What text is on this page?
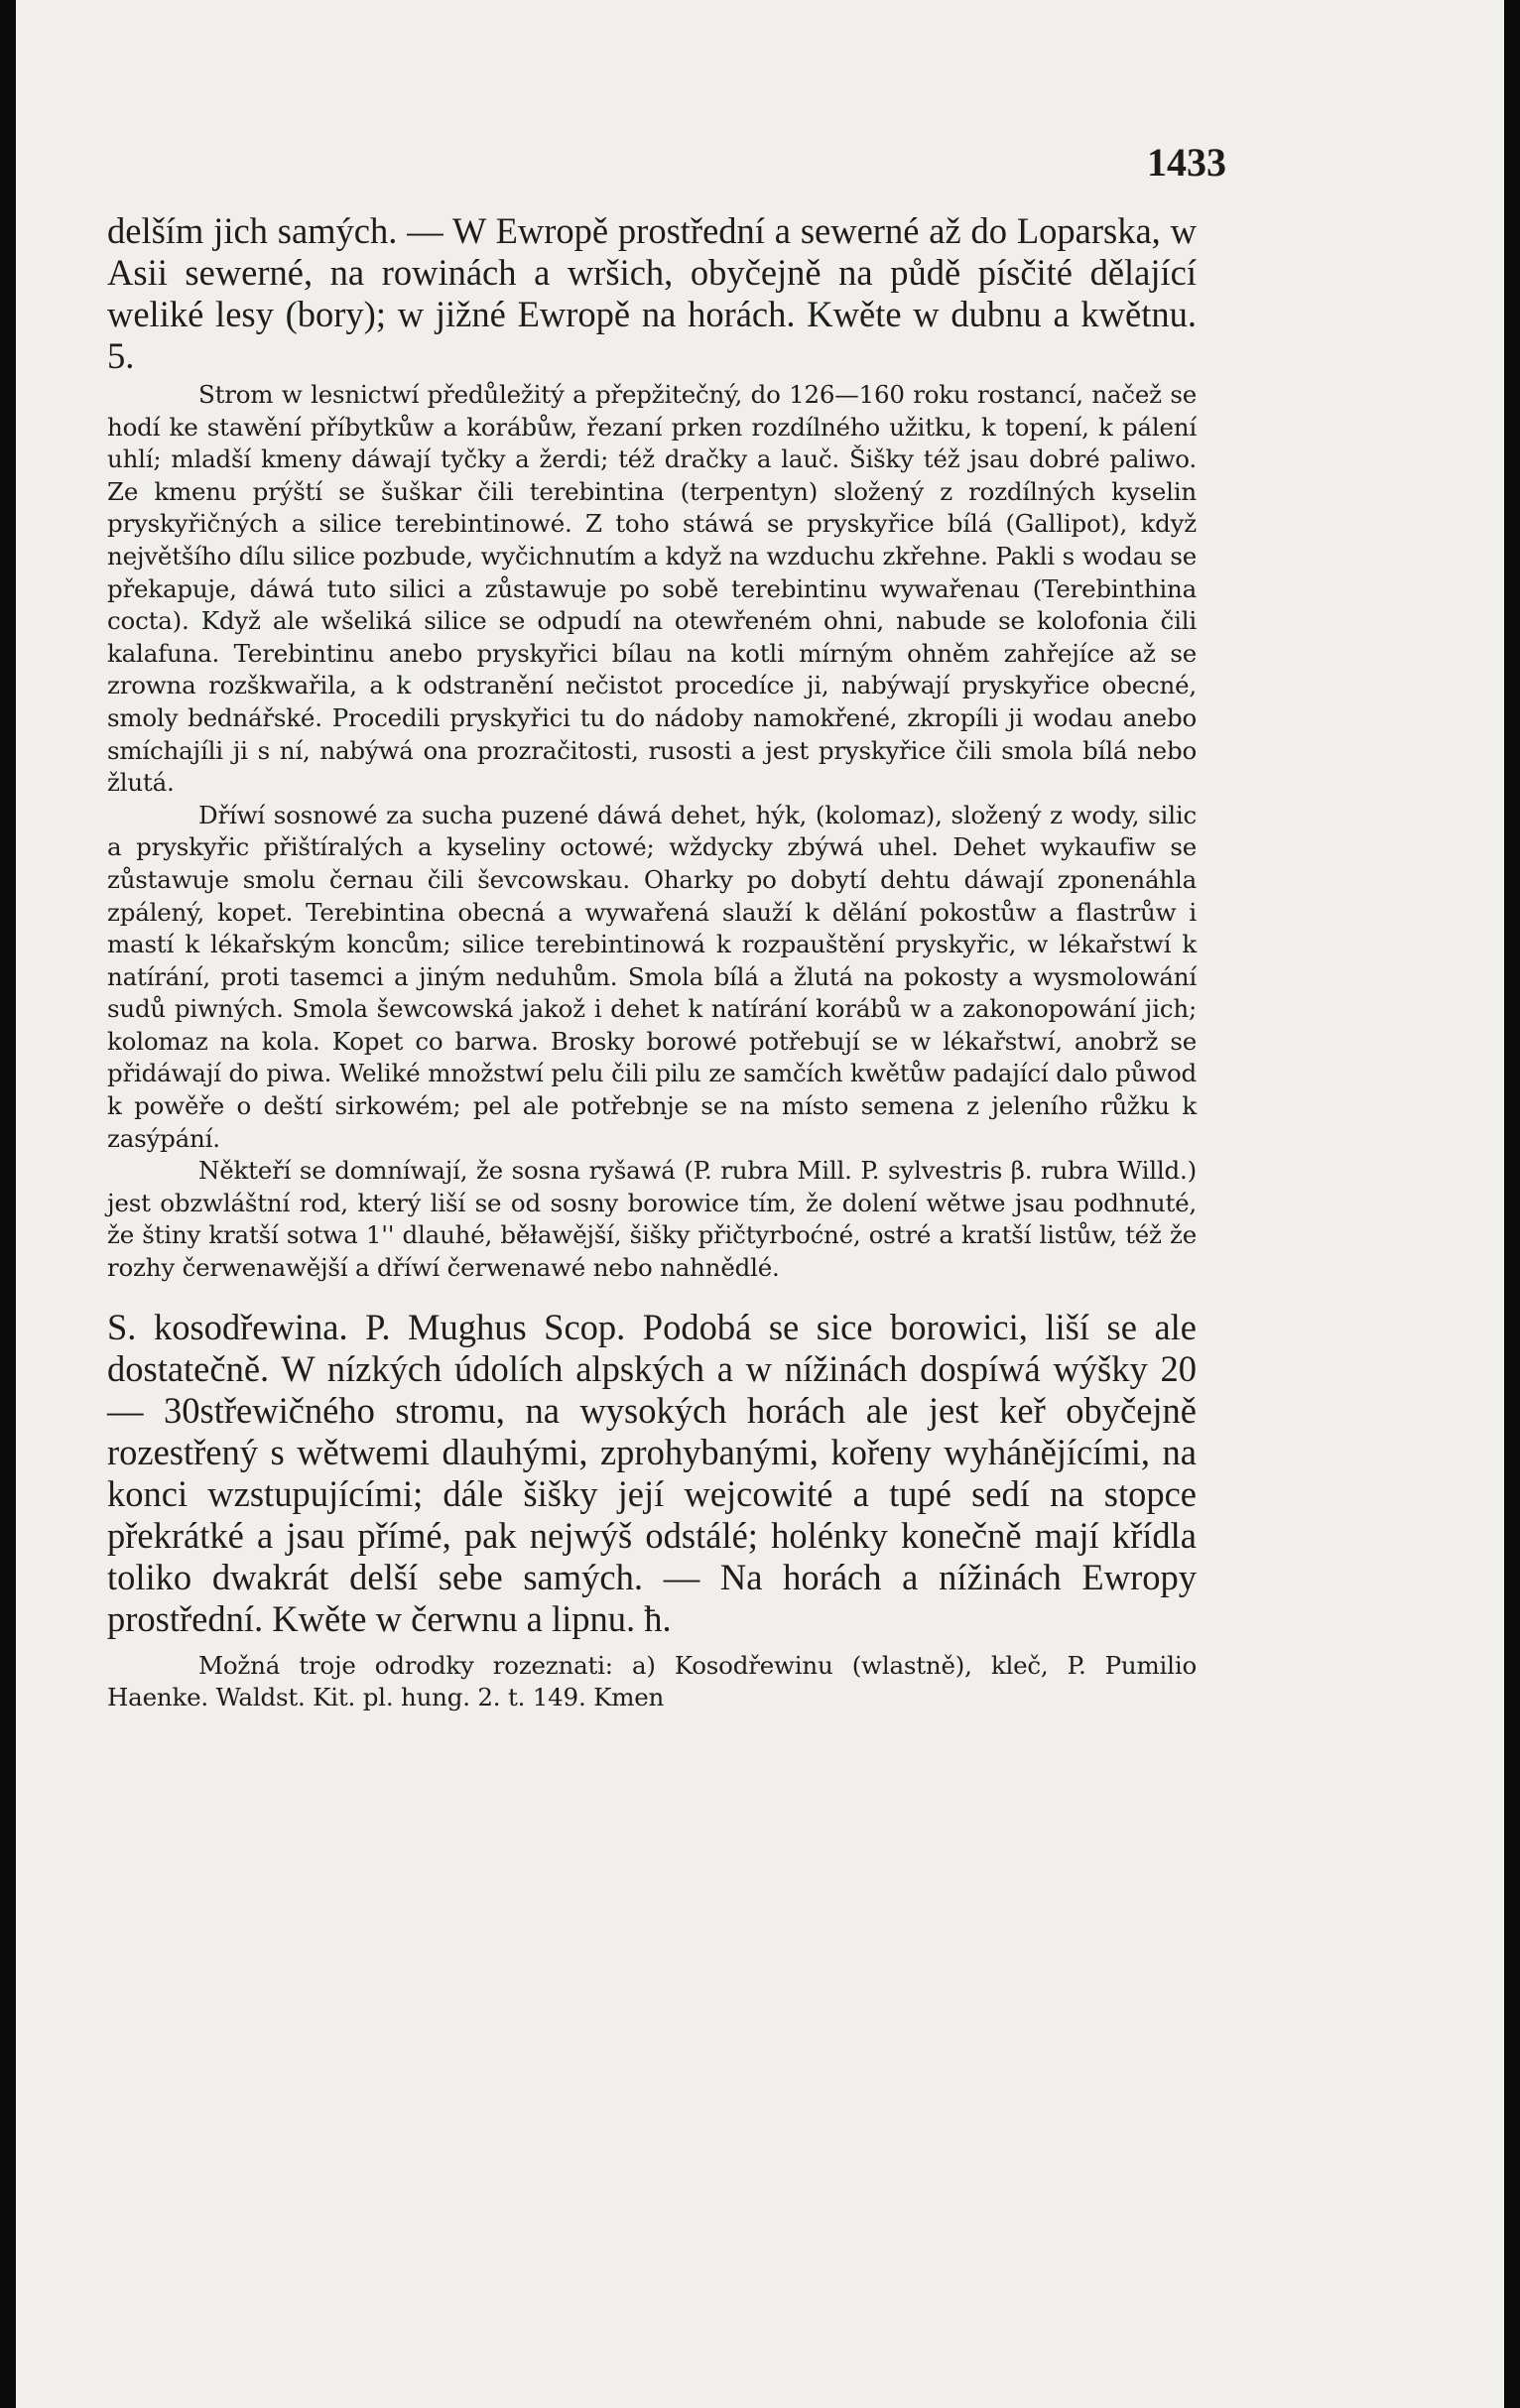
1433

delším jich samých. — W Ewropě prostřední a sewerné až do Loparska, w Asii sewerné, na rowinách a wršich, obyčejně na půdě písčité dělající weliké lesy (bory); w jižné Ewropě na horách. Kwěte w dubnu a kwětnu. 5.

Strom w lesnictwí předůležitý a přepžitečný, do 126—160 roku rostancí, načež se hodí ke stawění příbytkůw a korábůw, řezaní prken rozdílného užitku, k topení, k pálení uhlí; mladší kmeny dáwají tyčky a žerdi; též dračky a lauč. Šišky též jsau dobré paliwo. Ze kmenu prýští se šuškar čili terebintina (terpentyn) složený z rozdílných kyselin pryskyřičných a silice terebintinowé. Z toho stáwá se pryskyřice bílá (Gallipot), když největšího dílu silice pozbude, wyčichnutím a když na wzduchu zkřehne. Pakli s wodau se překapuje, dáwá tuto silici a zůstawuje po sobě terebintinu wywařenau (Terebinthina cocta). Když ale wšeliká silice se odpudí na otewřeném ohni, nabude se kolofonia čili kalafuna. Terebintinu anebo pryskyřici bílau na kotli mírným ohněm zahřejíce až se zrowna rozškwařila, a k odstranění nečistot procedíce ji, nabýwají pryskyřice obecné, smoly bednářské. Procedili pryskyřici tu do nádoby namokřené, zkropíli ji wodau anebo smíchajíli ji s ní, nabýwá ona prozračitosti, rusosti a jest pryskyřice čili smola bílá nebo žlutá.

Dříwí sosnowé za sucha puzené dáwá dehet, hýk, (kolomaz), složený z wody, silic a pryskyřic přištíralých a kyseliny octowé; wždycky zbýwá uhel. Dehet wykaufiw se zůstawuje smolu černau čili ševcowskau. Oharky po dobytí dehtu dáwají zponenáhla zpálený, kopet. Terebintina obecná a wywařená slauží k dělání pokostůw a flastrůw i mastí k lékařským koncům; silice terebintinowá k rozpauštění pryskyřic, w lékařstwí k natírání, proti tasemci a jiným neduhům. Smola bílá a žlutá na pokosty a wysmolowání sudů piwných. Smola šewcowská jakož i dehet k natírání korábů w a zakonopowání jich; kolomaz na kola. Kopet co barwa. Brosky borowé potřebují se w lékařstwí, anobrž se přidáwají do piwa. Weliké množstwí pelu čili pilu ze samčích kwětůw padající dalo půwod k powěře o deští sirkowém; pel ale potřebnje se na místo semena z jeleního růžku k zasýpání.

Někteří se domníwají, že sosna ryšawá (P. rubra Mill. P. sylvestris β. rubra Willd.) jest obzwláštní rod, který liší se od sosny borowice tím, že dolení wětwe jsau podhnuté, že štiny kratší sotwa 1'' dlauhé, běławější, šišky přičtyrboćné, ostré a kratší listůw, též že rozhy čerwenawější a dříwí čerwenawé nebo nahnědlé.

S. kosodřewina. P. Mughus Scop. Podobá se sice borowici, liší se ale dostatečně. W nízkých údolích alpských a w nížinách dospíwá wýšky 20 — 30střewičného stromu, na wysokých horách ale jest keř obyčejně rozestřený s wětwemi dlauhými, zprohybanými, kořeny wyháněјícími, na konci wzstupujícími; dále šišky její wejcowité a tupé sedí na stopce překrátké a jsau přímé, pak nejwýš odstálé; holénky konečně mají křídla toliko dwakrát delší sebe samých. — Na horách a nížinách Ewropy prostřední. Kwěte w čerwnu a lipnu. ħ.

Možná troje odrodky rozeznati: a) Kosodřewinu (wlastně), kleč, P. Pumilio Haenke. Waldst. Kit. pl. hung. 2. t. 149. Kmen
